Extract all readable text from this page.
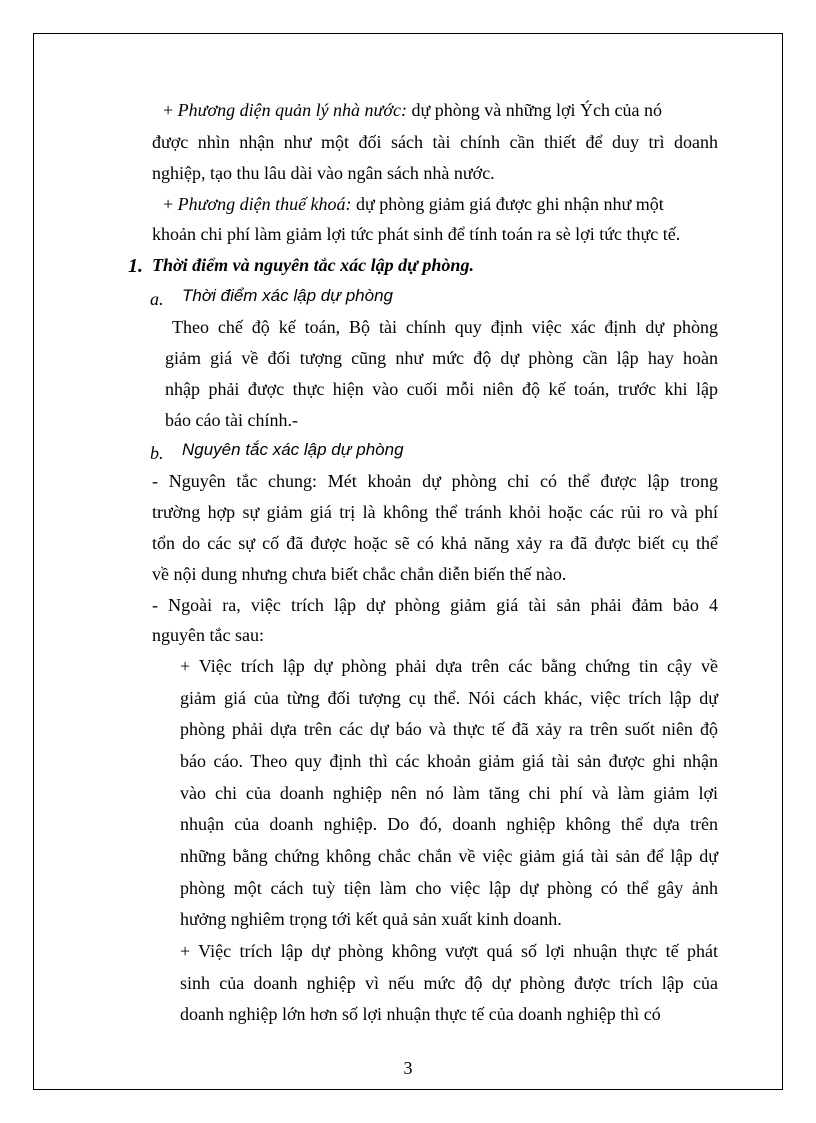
+ Phương diện quản lý nhà nước: dự phòng và những lợi Ých của nó
được nhìn nhận như một đối sách tài chính cần thiết để duy trì doanh
nghiệp, tạo thu lâu dài vào ngân sách nhà nước.
+ Phương diện thuế khoá: dự phòng giảm giá được ghi nhận như một
khoản chi phí làm giảm lợi tức phát sinh để tính toán ra sè lợi tức thực tế.
1. Thời điểm và nguyên tắc xác lập dự phòng.
a. Thời điểm xác lập dự phòng
Theo chế độ kế toán, Bộ tài chính quy định việc xác định dự phòng
giảm giá về đối tượng cũng như mức độ dự phòng cần lập hay hoàn
nhập phải được thực hiện vào cuối mỗi niên độ kế toán, trước khi lập
báo cáo tài chính.-
b. Nguyên tắc xác lập dự phòng
- Nguyên tắc chung: Mét khoản dự phòng chỉ có thể được lập trong
trường hợp sự giảm giá trị là không thể tránh khỏi hoặc các rủi ro và phí
tổn do các sự cố đã được hoặc sẽ có khả năng xảy ra đã được biết cụ thể
về nội dung nhưng chưa biết chắc chắn diễn biến thế nào.
- Ngoài ra, việc trích lập dự phòng giảm giá tài sản phải đảm bảo 4
nguyên tắc sau:
+ Việc trích lập dự phòng phải dựa trên các bằng chứng tin cậy về
giảm giá của từng đối tượng cụ thể. Nói cách khác, việc trích lập dự
phòng phải dựa trên các dự báo và thực tế đã xảy ra trên suốt niên độ
báo cáo. Theo quy định thì các khoản giảm giá tài sản được ghi nhận
vào chi của doanh nghiệp nên nó làm tăng chi phí và làm giảm lợi
nhuận của doanh nghiệp. Do đó, doanh nghiệp không thể dựa trên
những bằng chứng không chắc chắn về việc giảm giá tài sản để lập dự
phòng một cách tuỳ tiện làm cho việc lập dự phòng có thể gây ảnh
hưởng nghiêm trọng tới kết quả sản xuất kinh doanh.
+ Việc trích lập dự phòng không vượt quá số lợi nhuận thực tế phát
sinh của doanh nghiệp vì nếu mức độ dự phòng được trích lập của
doanh nghiệp lớn hơn số lợi nhuận thực tế của doanh nghiệp thì có
3
